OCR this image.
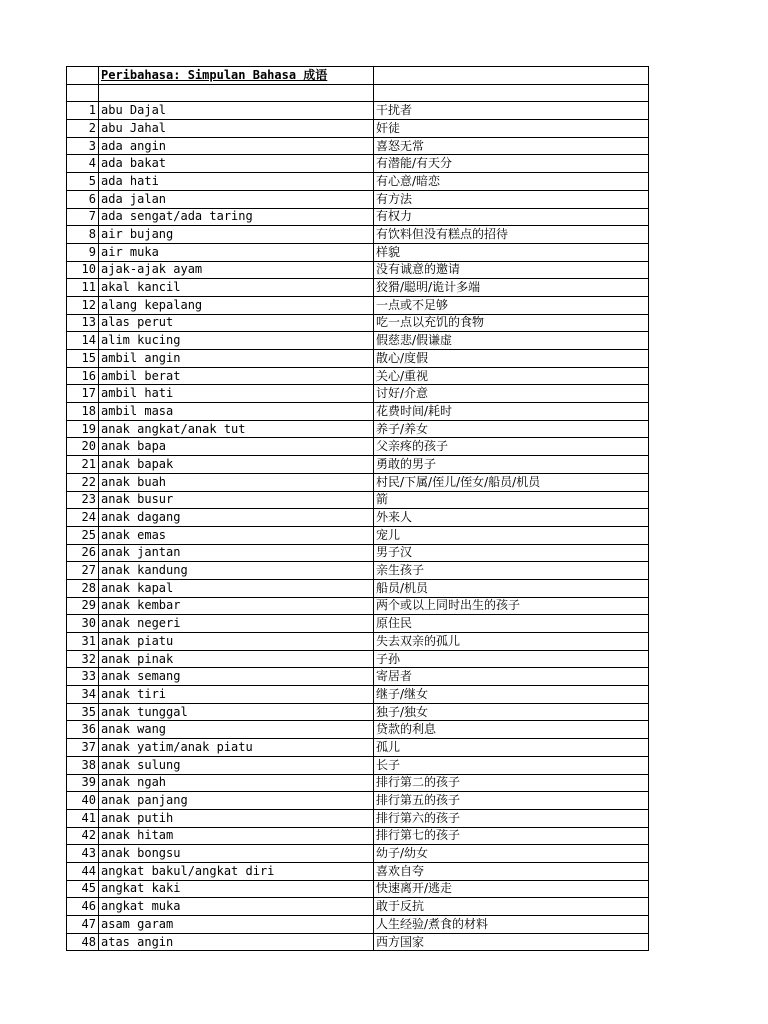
	Peribahasa: Simpulan Bahasa 成语	

1	abu Dajal	干扰者
2	abu Jahal	奸徒
3	ada angin	喜怒无常
4	ada bakat	有潜能/有天分
5	ada hati	有心意/暗恋
6	ada jalan	有方法
7	ada sengat/ada taring	有权力
8	air bujang	有饮料但没有糕点的招待
9	air muka	样貌
10	ajak-ajak ayam	没有诚意的邀请
11	akal kancil	狡猾/聪明/诡计多端
12	alang kepalang	一点或不足够
13	alas perut	吃一点以充饥的食物
14	alim kucing	假慈悲/假谦虚
15	ambil angin	散心/度假
16	ambil berat	关心/重视
17	ambil hati	讨好/介意
18	ambil masa	花费时间/耗时
19	anak angkat/anak tut	养子/养女
20	anak bapa	父亲疼的孩子
21	anak bapak	勇敢的男子
22	anak buah	村民/下属/侄儿/侄女/船员/机员
23	anak busur	箭
24	anak dagang	外来人
25	anak emas	宠儿
26	anak jantan	男子汉
27	anak kandung	亲生孩子
28	anak kapal	船员/机员
29	anak kembar	两个或以上同时出生的孩子
30	anak negeri	原住民
31	anak piatu	失去双亲的孤儿
32	anak pinak	子孙
33	anak semang	寄居者
34	anak tiri	继子/继女
35	anak tunggal	独子/独女
36	anak wang	贷款的利息
37	anak yatim/anak piatu	孤儿
38	anak sulung	长子
39	anak ngah	排行第二的孩子
40	anak panjang	排行第五的孩子
41	anak putih	排行第六的孩子
42	anak hitam	排行第七的孩子
43	anak bongsu	幼子/幼女
44	angkat bakul/angkat diri	喜欢自夸
45	angkat kaki	快速离开/逃走
46	angkat muka	敢于反抗
47	asam garam	人生经验/煮食的材料
48	atas angin	西方国家
